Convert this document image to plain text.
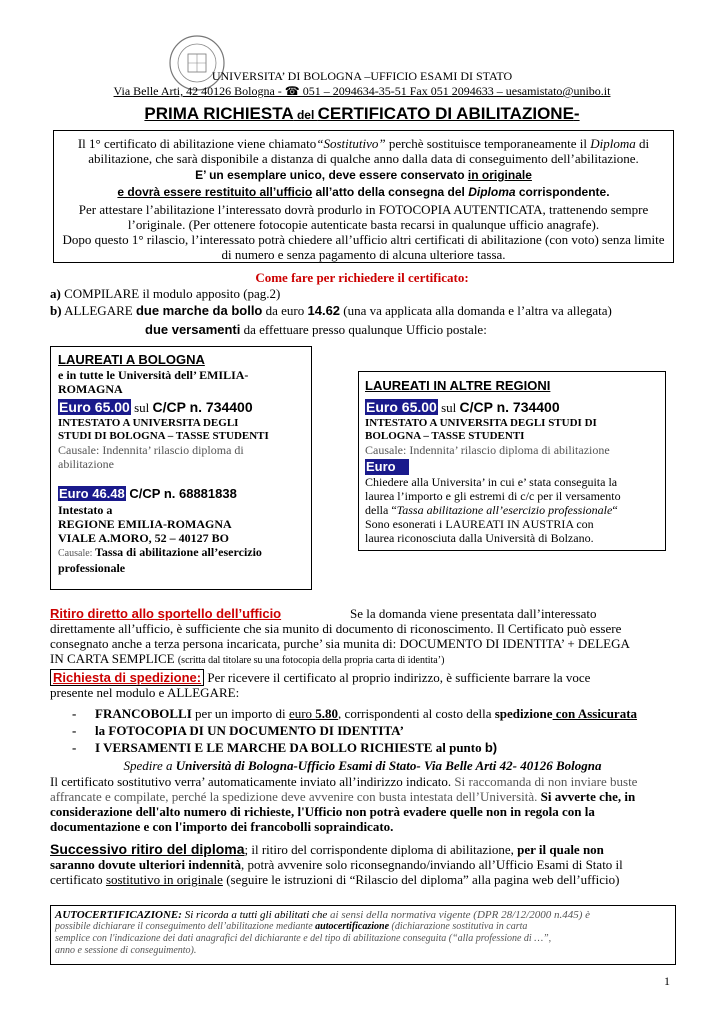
UNIVERSITA’ DI BOLOGNA –UFFICIO ESAMI DI STATO
Via Belle Arti, 42 40126 Bologna - ☎ 051 – 2094634-35-51 Fax 051 2094633 – uesamistato@unibo.it
PRIMA RICHIESTA del CERTIFICATO DI ABILITAZIONE-
Il 1° certificato di abilitazione viene chiamato“Sostitutivo” perchè sostituisce temporaneamente il Diploma di
abilitazione, che sarà disponibile a distanza di qualche anno dalla data di conseguimento dell’abilitazione.
E’ un esemplare unico, deve essere conservato in originale
e dovrà essere restituito all’ufficio all’atto della consegna del Diploma corrispondente.
Per attestare l’abilitazione l’interessato dovrà produrlo in FOTOCOPIA AUTENTICATA, trattenendo sempre
l’originale. (Per ottenere fotocopie autenticate basta recarsi in qualunque ufficio anagrafe).
Dopo questo 1° rilascio, l’interessato potrà chiedere all’ufficio altri certificati di abilitazione (con voto) senza limite
di numero e senza pagamento di alcuna ulteriore tassa.
Come fare per richiedere il certificato:
a) COMPILARE il modulo apposito (pag.2)
b) ALLEGARE due marche da bollo da euro 14.62 (una va applicata alla domanda e l’altra va allegata)
due versamenti da effettuare presso qualunque Ufficio postale:
LAUREATI A BOLOGNA
e in tutte le Università dell’ EMILIA-
ROMAGNA
Euro 65.00 sul C/CP n. 734400
INTESTATO A UNIVERSITA DEGLI
STUDI DI BOLOGNA – TASSE STUDENTI
Causale: Indennita’ rilascio diploma di
abilitazione
Euro 46.48 C/CP n. 68881838
Intestato a
REGIONE EMILIA-ROMAGNA
VIALE A.MORO, 52 – 40127 BO
Causale: Tassa di abilitazione all’esercizio
professionale
LAUREATI IN ALTRE REGIONI
Euro 65.00 sul C/CP n. 734400
INTESTATO A UNIVERSITA DEGLI STUDI DI
BOLOGNA – TASSE STUDENTI
Causale: Indennita’ rilascio diploma di abilitazione
Euro
Chiedere alla Universita’ in cui e’ stata conseguita la
laurea l’importo e gli estremi di c/c per il versamento
della “Tassa abilitazione all’esercizio professionale“
Sono esonerati i LAUREATI IN AUSTRIA con
laurea riconosciuta dalla Università di Bolzano.
Ritiro diretto allo sportello dell’ufficio	Se la domanda viene presentata dall’interessato
direttamente all’ufficio, è sufficiente che sia munito di documento di riconoscimento. Il Certificato può essere
consegnato anche a terza persona incaricata, purche’ sia munita di: DOCUMENTO DI IDENTITA’ + DELEGA
IN CARTA SEMPLICE (scritta dal titolare su una fotocopia della propria carta di identita’)
Richiesta di spedizione: Per ricevere il certificato al proprio indirizzo, è sufficiente barrare la voce
presente nel modulo e ALLEGARE:
- FRANCOBOLLI per un importo di euro 5.80, corrispondenti al costo della spedizione con Assicurata
- la FOTOCOPIA DI UN DOCUMENTO DI IDENTITA’
- I VERSAMENTI E LE MARCHE DA BOLLO RICHIESTE al punto b)
Spedire a Università di Bologna-Ufficio Esami di Stato- Via Belle Arti 42- 40126 Bologna
Il certificato sostitutivo verra’ automaticamente inviato all’indirizzo indicato. Si raccomanda di non inviare buste
affrancate e compilate, perché la spedizione deve avvenire con busta intestata dell’Università. Si avverte che, in
considerazione dell'alto numero di richieste, l'Ufficio non potrà evadere quelle non in regola con la
documentazione e con l'importo dei francobolli sopraindicato.
Successivo ritiro del diploma; il ritiro del corrispondente diploma di abilitazione, per il quale non
saranno dovute ulteriori indennità, potrà avvenire solo riconsegnando/inviando all’Ufficio Esami di Stato il
certificato sostitutivo in originale (seguire le istruzioni di “Rilascio del diploma” alla pagina web dell’ufficio)
AUTOCERTIFICAZIONE: Si ricorda a tutti gli abilitati che ai sensi della normativa vigente (DPR 28/12/2000 n.445) è
possibile dichiarare il conseguimento dell’abilitazione mediante autocertificazione (dichiarazione sostitutiva in carta
semplice con l'indicazione dei dati anagrafici del dichiarante e del tipo di abilitazione conseguita (“alla professione di …”,
anno e sessione di conseguimento).
1
